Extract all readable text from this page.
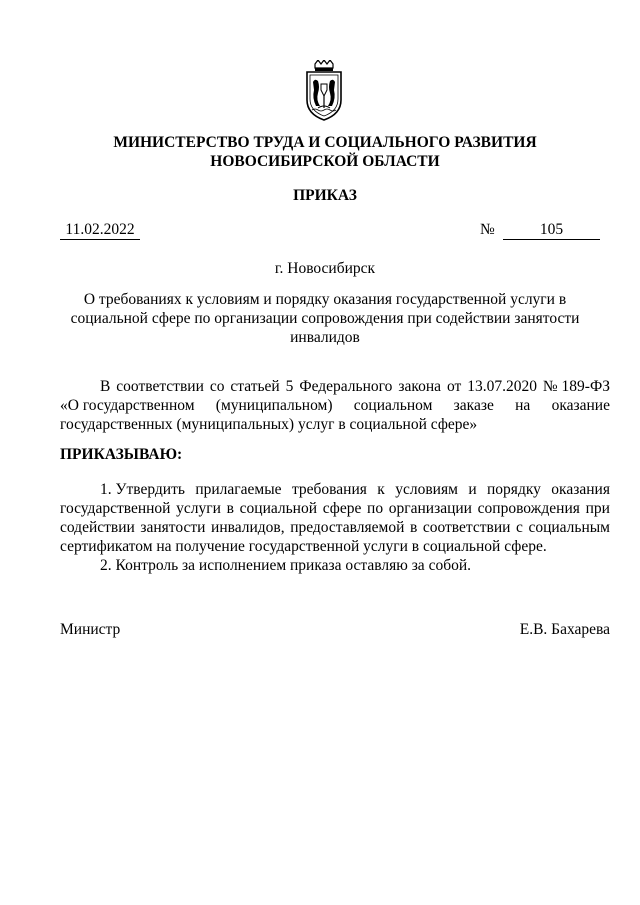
МИНИСТЕРСТВО ТРУДА И СОЦИАЛЬНОГО РАЗВИТИЯ
НОВОСИБИРСКОЙ ОБЛАСТИ
ПРИКАЗ
11.02.2022	№	105
г. Новосибирск
О требованиях к условиям и порядку оказания государственной услуги в
социальной сфере по организации сопровождения при содействии занятости
инвалидов
В соответствии со статьей 5 Федерального закона от 13.07.2020 № 189-ФЗ
«О государственном (муниципальном) социальном заказе на оказание
государственных (муниципальных) услуг в социальной сфере»
ПРИКАЗЫВАЮ:
1. Утвердить прилагаемые требования к условиям и порядку оказания
государственной услуги в социальной сфере по организации сопровождения при
содействии занятости инвалидов, предоставляемой в соответствии с социальным
сертификатом на получение государственной услуги в социальной сфере.
2. Контроль за исполнением приказа оставляю за собой.
Министр	Е.В. Бахарева
